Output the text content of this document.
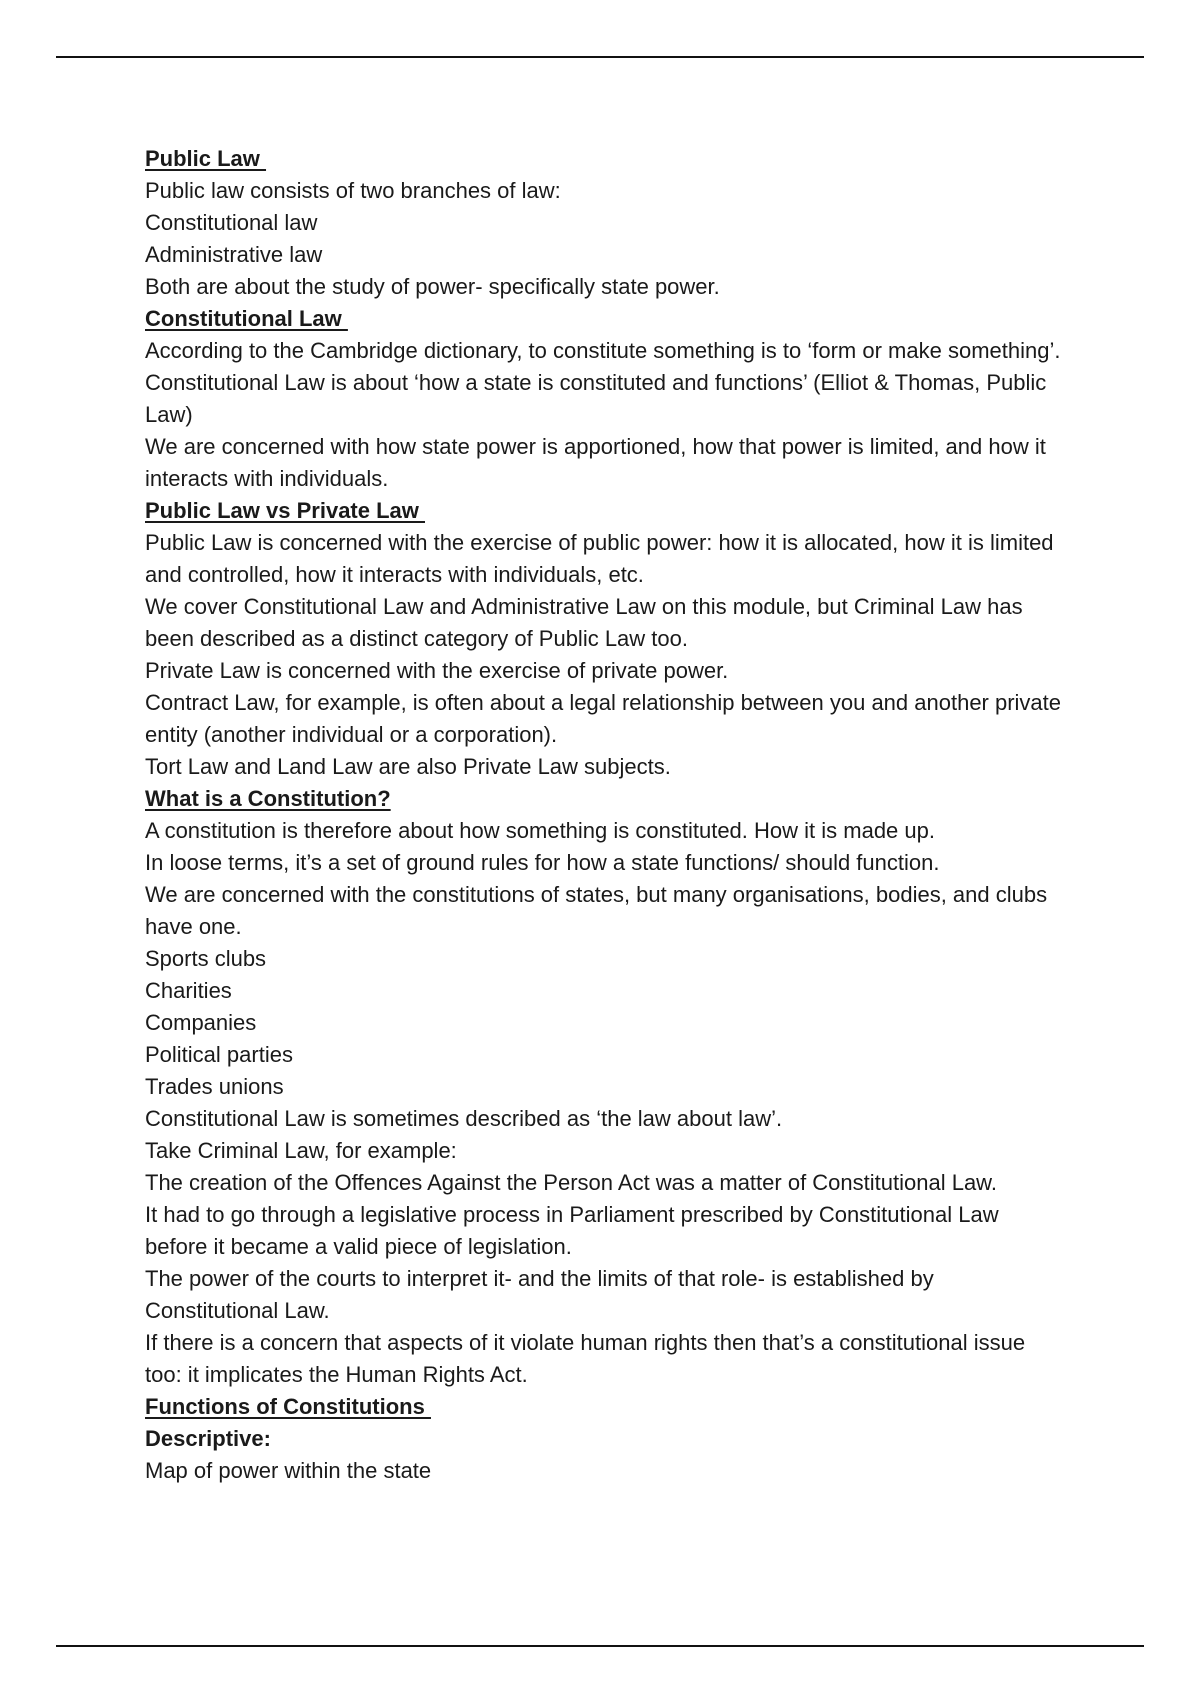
Public Law

Public law consists of two branches of law:

Constitutional law

Administrative law

Both are about the study of power- specifically state power.

Constitutional Law

According to the Cambridge dictionary, to constitute something is to ‘form or make something’.

Constitutional Law is about ‘how a state is constituted and functions’ (Elliot & Thomas, Public Law)

We are concerned with how state power is apportioned, how that power is limited, and how it interacts with individuals.

Public Law vs Private Law

Public Law is concerned with the exercise of public power: how it is allocated, how it is limited and controlled, how it interacts with individuals, etc.

We cover Constitutional Law and Administrative Law on this module, but Criminal Law has been described as a distinct category of Public Law too.

Private Law is concerned with the exercise of private power.

Contract Law, for example, is often about a legal relationship between you and another private entity (another individual or a corporation).

Tort Law and Land Law are also Private Law subjects.

What is a Constitution?

A constitution is therefore about how something is constituted. How it is made up.

In loose terms, it’s a set of ground rules for how a state functions/ should function.

We are concerned with the constitutions of states, but many organisations, bodies, and clubs have one.

Sports clubs

Charities

Companies

Political parties

Trades unions

Constitutional Law is sometimes described as ‘the law about law’.

Take Criminal Law, for example:

The creation of the Offences Against the Person Act was a matter of Constitutional Law.

It had to go through a legislative process in Parliament prescribed by Constitutional Law before it became a valid piece of legislation.

The power of the courts to interpret it- and the limits of that role- is established by Constitutional Law.

If there is a concern that aspects of it violate human rights then that’s a constitutional issue too: it implicates the Human Rights Act.

Functions of Constitutions

Descriptive:

Map of power within the state
